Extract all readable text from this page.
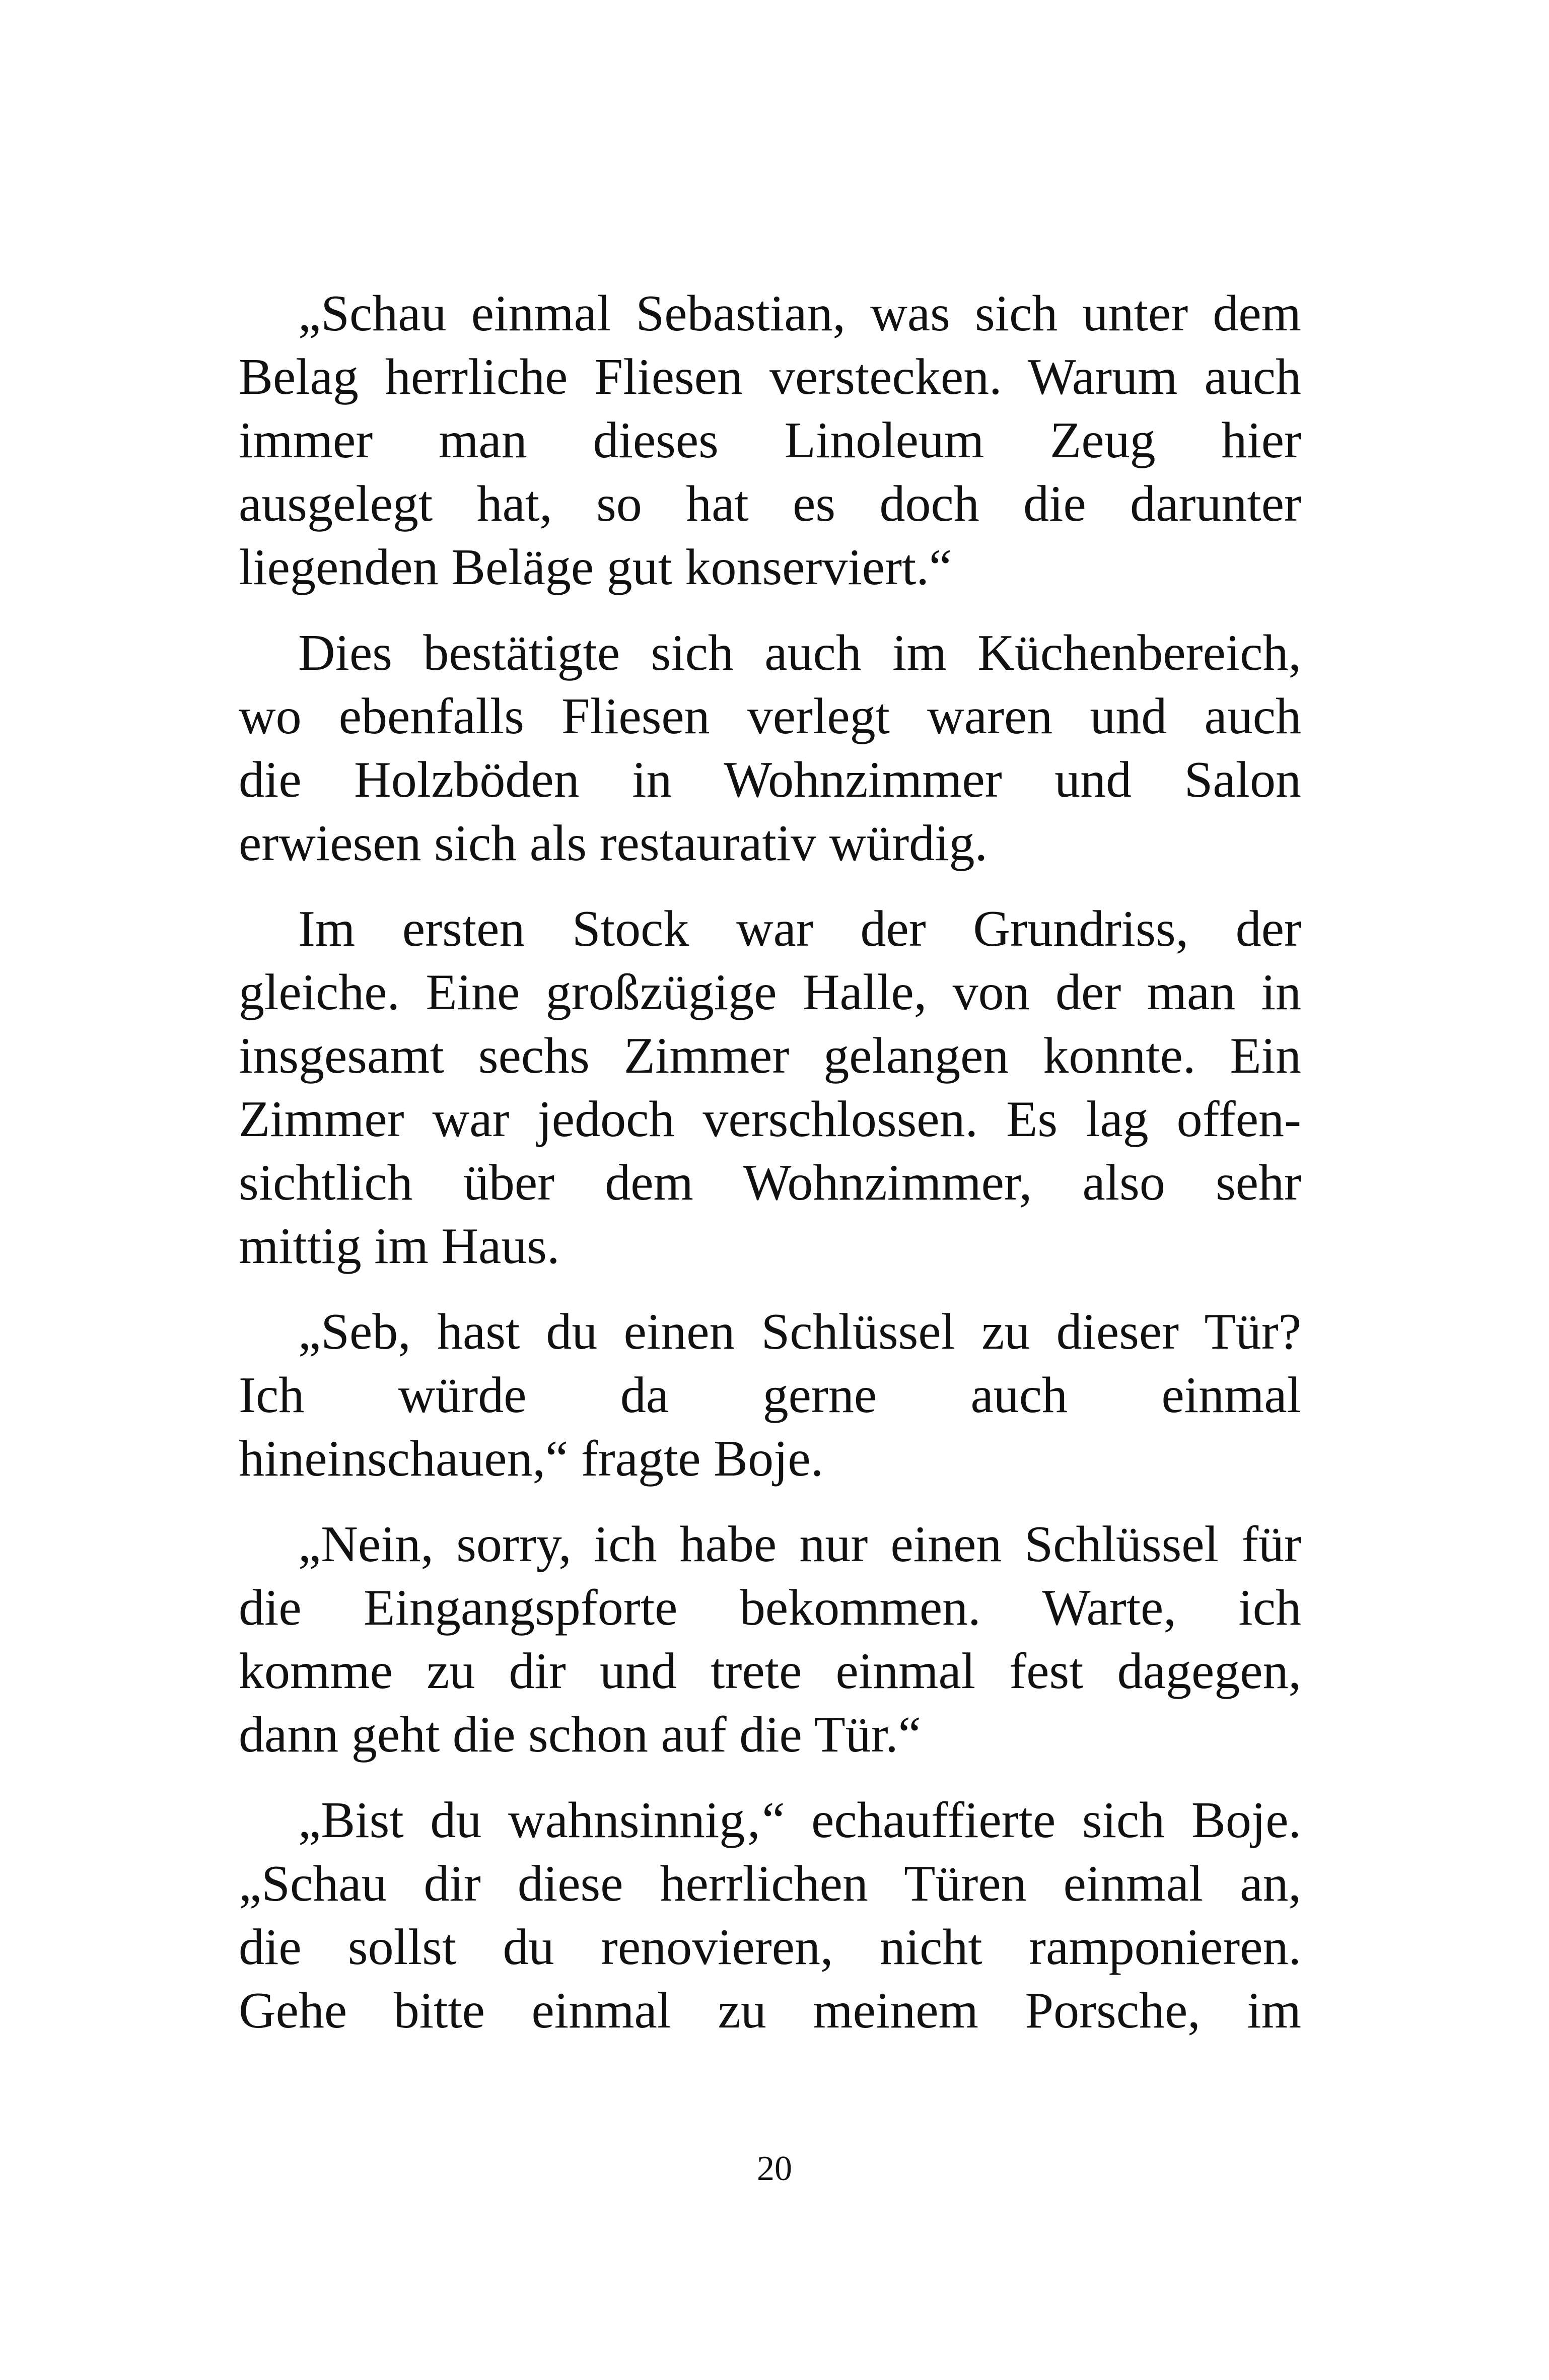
„Schau einmal Sebastian, was sich unter dem
Belag herrliche Fliesen verstecken. Warum auch
immer man dieses Linoleum Zeug hier
ausgelegt hat, so hat es doch die darunter
liegenden Beläge gut konserviert.“

Dies bestätigte sich auch im Küchenbereich,
wo ebenfalls Fliesen verlegt waren und auch
die Holzböden in Wohnzimmer und Salon
erwiesen sich als restaurativ würdig.

Im ersten Stock war der Grundriss, der
gleiche. Eine großzügige Halle, von der man in
insgesamt sechs Zimmer gelangen konnte. Ein
Zimmer war jedoch verschlossen. Es lag offen-
sichtlich über dem Wohnzimmer, also sehr
mittig im Haus.

„Seb, hast du einen Schlüssel zu dieser Tür?
Ich würde da gerne auch einmal
hineinschauen,“ fragte Boje.

„Nein, sorry, ich habe nur einen Schlüssel für
die Eingangspforte bekommen. Warte, ich
komme zu dir und trete einmal fest dagegen,
dann geht die schon auf die Tür.“

„Bist du wahnsinnig‚“ echauffierte sich Boje.
„Schau dir diese herrlichen Türen einmal an,
die sollst du renovieren, nicht ramponieren.
Gehe bitte einmal zu meinem Porsche, im

20
